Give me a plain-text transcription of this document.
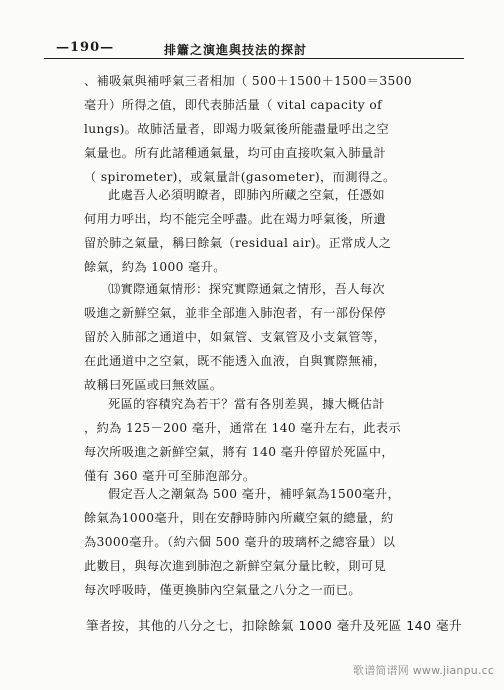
—190—	排簫之演進與技法的探討
、補吸氣與補呼氣三者相加（ 500＋1500＋1500＝3500
毫升）所得之值，即代表肺活量（ vital capacity of
lungs)。故肺活量者，即竭力吸氣後所能盡量呼出之空
氣量也。所有此諸種通氣量，均可由直接吹氣入肺量計
（ spirometer)，或氣量計(gasometer)，而測得之。
此處吾人必須明瞭者，即肺內所藏之空氣，任憑如
何用力呼出，均不能完全呼盡。此在竭力呼氣後，所遺
留於肺之氣量，稱曰餘氣（residual air)。正常成人之
餘氣，約為 1000 毫升。
⒀實際通氣情形：探究實際通氣之情形，吾人每次
吸進之新鮮空氣，並非全部進入肺泡者，有一部份保停
留於入肺部之通道中，如氣管、支氣管及小支氣管等，
在此通道中之空氣，既不能透入血液，自與實際無補，
故稱曰死區或曰無效區。
死區的容積究為若干？當有各別差異，據大概估計
，約為 125－200 毫升，通常在 140 毫升左右，此表示
每次所吸進之新鮮空氣，將有 140 毫升停留於死區中，
僅有 360 毫升可至肺泡部分。
假定吾人之潮氣為 500 毫升，補呼氣為1500毫升，
餘氣為1000毫升，則在安靜時肺內所藏空氣的總量，約
為3000毫升。（約六個 500 毫升的玻璃杯之總容量）以
此數目，與每次進到肺泡之新鮮空氣分量比較，則可見
每次呼吸時，僅更換肺內空氣量之八分之一而已。
筆者按，其他的八分之七，扣除餘氣 1000 毫升及死區 140 毫升
歌谱简谱网 www.jianpu.cc
